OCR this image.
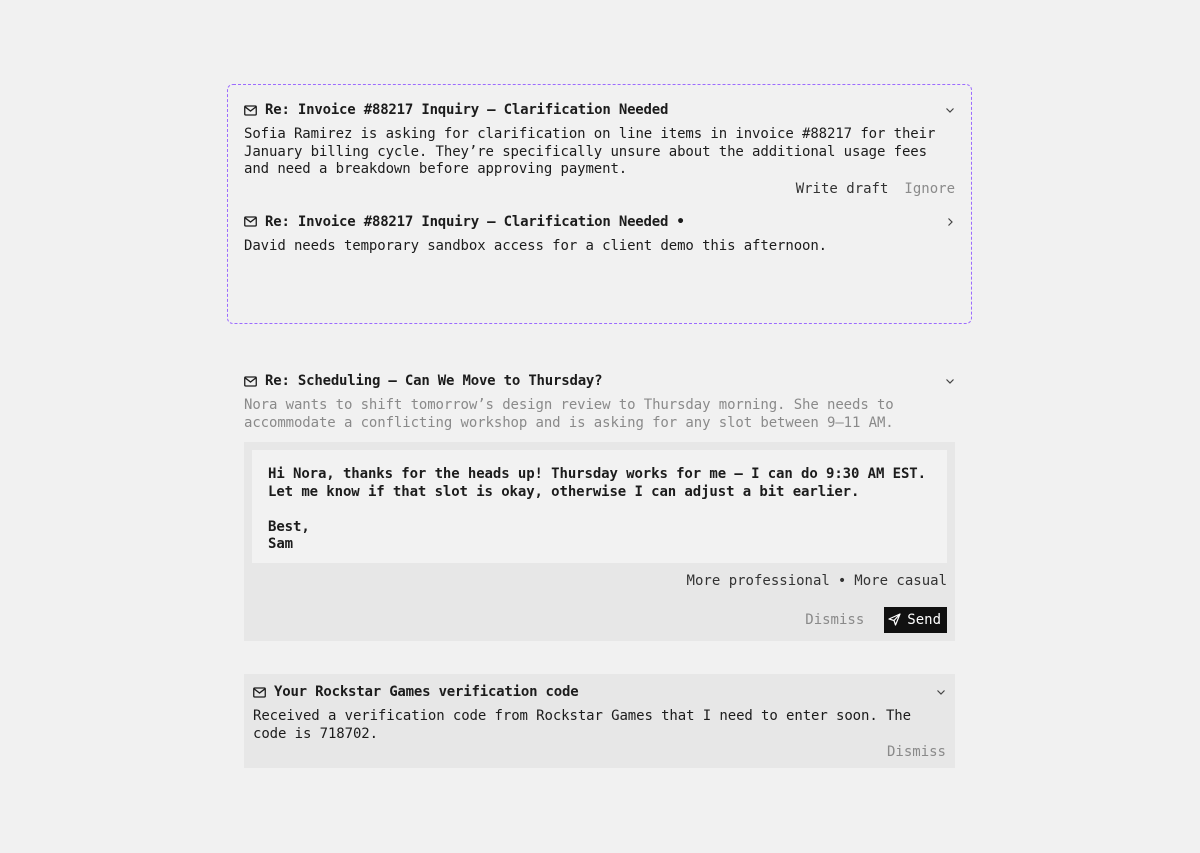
Re: Invoice #88217 Inquiry — Clarification Needed

Sofia Ramirez is asking for clarification on line items in invoice #88217 for their January billing cycle. They’re specifically unsure about the additional usage fees and need a breakdown before approving payment.

Write draft Ignore
Re: Invoice #88217 Inquiry — Clarification Needed •

David needs temporary sandbox access for a client demo this afternoon.

Re: Scheduling — Can We Move to Thursday?

Nora wants to shift tomorrow’s design review to Thursday morning. She needs to accommodate a conflicting workshop and is asking for any slot between 9–11 AM.

Hi Nora, thanks for the heads up! Thursday works for me — I can do 9:30 AM EST. Let me know if that slot is okay, otherwise I can adjust a bit earlier.

Best,
Sam
More professional • More casual
Dismiss	Send
Your Rockstar Games verification code

Received a verification code from Rockstar Games that I need to enter soon. The code is 718702.

Dismiss
